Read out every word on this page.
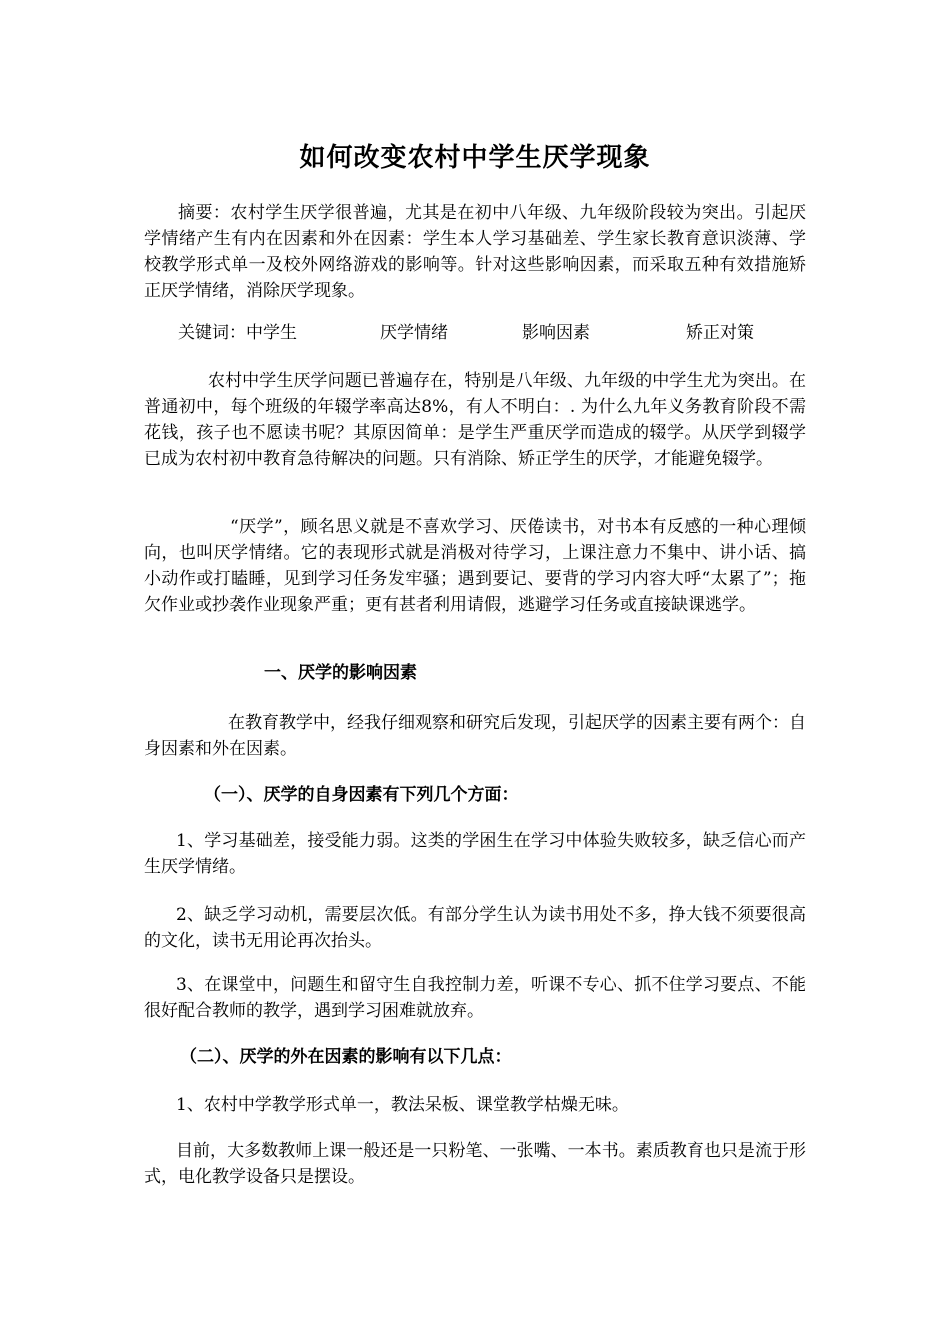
如何改变农村中学生厌学现象

摘要：农村学生厌学很普遍，尤其是在初中八年级、九年级阶段较为突出。引起厌学情绪产生有内在因素和外在因素：学生本人学习基础差、学生家长教育意识淡薄、学校教学形式单一及校外网络游戏的影响等。针对这些影响因素，而采取五种有效措施矫正厌学情绪，消除厌学现象。

关键词：中学生	厌学情绪	影响因素	矫正对策

农村中学生厌学问题已普遍存在，特别是八年级、九年级的中学生尤为突出。在普通初中，每个班级的年辍学率高达8%，有人不明白：. 为什么九年义务教育阶段不需花钱，孩子也不愿读书呢？其原因简单：是学生严重厌学而造成的辍学。从厌学到辍学已成为农村初中教育急待解决的问题。只有消除、矫正学生的厌学，才能避免辍学。

“厌学”，顾名思义就是不喜欢学习、厌倦读书，对书本有反感的一种心理倾向，也叫厌学情绪。它的表现形式就是消极对待学习，上课注意力不集中、讲小话、搞小动作或打瞌睡，见到学习任务发牢骚；遇到要记、要背的学习内容大呼“太累了”；拖欠作业或抄袭作业现象严重；更有甚者利用请假，逃避学习任务或直接缺课逃学。

一、厌学的影响因素

在教育教学中，经我仔细观察和研究后发现，引起厌学的因素主要有两个：自身因素和外在因素。

（一）、厌学的自身因素有下列几个方面：

1、学习基础差，接受能力弱。这类的学困生在学习中体验失败较多，缺乏信心而产生厌学情绪。

2、缺乏学习动机，需要层次低。有部分学生认为读书用处不多，挣大钱不须要很高的文化，读书无用论再次抬头。

3、在课堂中，问题生和留守生自我控制力差，听课不专心、抓不住学习要点、不能很好配合教师的教学，遇到学习困难就放弃。

（二）、厌学的外在因素的影响有以下几点：

1、农村中学教学形式单一，教法呆板、课堂教学枯燥无味。

目前，大多数教师上课一般还是一只粉笔、一张嘴、一本书。素质教育也只是流于形式，电化教学设备只是摆设。
